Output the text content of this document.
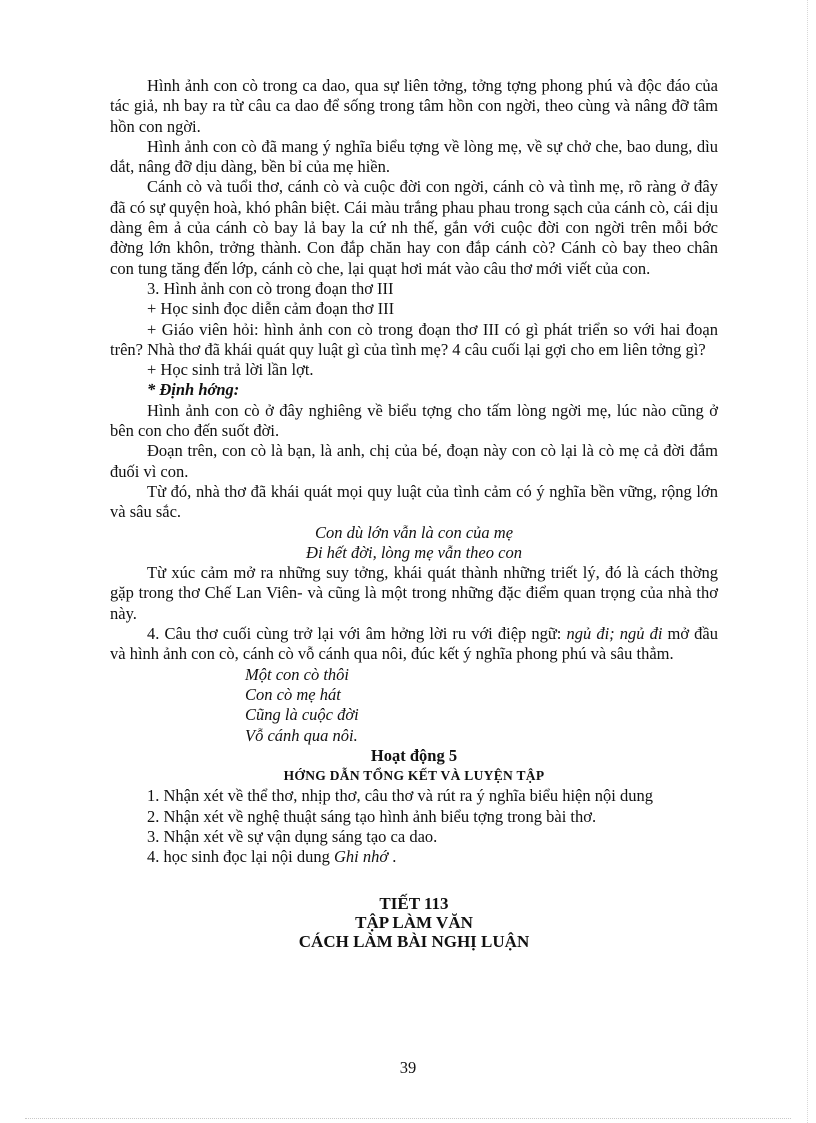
Hình ảnh con cò trong ca dao, qua sự liên tởng, tởng tợng phong phú và độc đáo của tác giả, nh bay ra từ câu ca dao để sống trong tâm hồn con ngời, theo cùng và nâng đỡ tâm hồn con ngời.

Hình ảnh con cò đã mang ý nghĩa biểu tợng về lòng mẹ, về sự chở che, bao dung, dìu dắt, nâng đỡ dịu dàng, bền bỉ của mẹ hiền.

Cánh cò và tuổi thơ, cánh cò và cuộc đời con ngời, cánh cò và tình mẹ, rõ ràng ở đây đã có sự quyện hoà, khó phân biệt. Cái màu trắng phau phau trong sạch của cánh cò, cái dịu dàng êm ả của cánh cò bay lả bay la cứ nh thế, gắn với cuộc đời con ngời trên mỗi bớc đờng lớn khôn, trởng thành. Con đắp chăn hay con đắp cánh cò? Cánh cò bay theo chân con tung tăng đến lớp, cánh cò che, lại quạt hơi mát vào câu thơ mới viết của con.

3. Hình ảnh con cò trong đoạn thơ III

+ Học sinh đọc diễn cảm đoạn thơ III

+ Giáo viên hỏi: hình ảnh con cò trong đoạn thơ III có gì phát triển so với hai đoạn trên? Nhà thơ đã khái quát quy luật gì của tình mẹ? 4 câu cuối lại gợi cho em liên tởng gì?

+ Học sinh trả lời lần lợt.

* Định hớng:

Hình ảnh con cò ở đây nghiêng về biểu tợng cho tấm lòng ngời mẹ, lúc nào cũng ở bên con cho đến suốt đời.

Đoạn trên, con cò là bạn, là anh, chị của bé, đoạn này con cò lại là cò mẹ cả đời đắm đuối vì con.

Từ đó, nhà thơ đã khái quát mọi quy luật của tình cảm có ý nghĩa bền vững, rộng lớn và sâu sắc.

Con dù lớn vẫn là con của mẹ

Đi hết đời, lòng mẹ vẫn theo con

Từ xúc cảm mở ra những suy tởng, khái quát thành những triết lý, đó là cách thờng gặp trong thơ Chế Lan Viên- và cũng là một trong những đặc điểm quan trọng của nhà thơ này.

4. Câu thơ cuối cùng trở lại với âm hởng lời ru với điệp ngữ: ngủ đi; ngủ đi mở đầu và hình ảnh con cò, cánh cò vỗ cánh qua nôi, đúc kết ý nghĩa phong phú và sâu thẳm.

Một con cò thôi

Con cò mẹ hát

Cũng là cuộc đời

Vỗ cánh qua nôi.

Hoạt động 5

HỚNG DẪN TỔNG KẾT VÀ LUYỆN TẬP

1. Nhận xét về thể thơ, nhịp thơ, câu thơ và rút ra ý nghĩa biểu hiện nội dung

2. Nhận xét về nghệ thuật sáng tạo hình ảnh biểu tợng trong bài thơ.

3. Nhận xét về sự vận dụng sáng tạo ca dao.

4. học sinh đọc lại nội dung Ghi nhớ .

TIẾT 113

TẬP LÀM VĂN

CÁCH LÀM BÀI NGHỊ LUẬN

39
